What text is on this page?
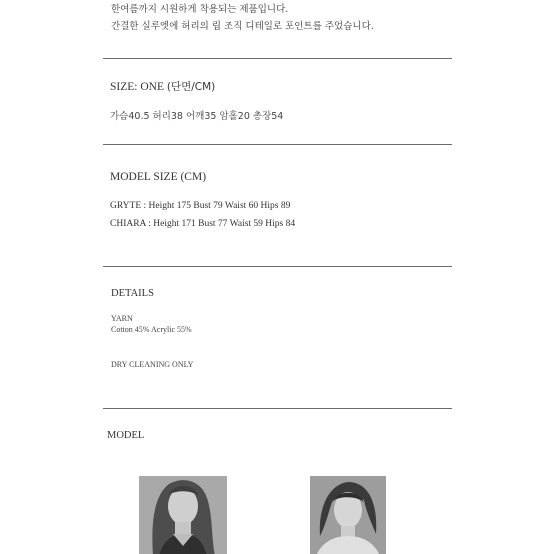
한여름까지 시원하게 착용되는 제품입니다.
간결한 실루엣에 허리의 립 조직 디테일로 포인트를 주었습니다.
SIZE: ONE (단면/CM)
가슴40.5 허리38 어깨35 암홀20 총장54
MODEL SIZE (CM)
GRYTE : Height 175 Bust 79 Waist 60 Hips 89
CHIARA : Height 171 Bust 77 Waist 59 Hips 84
DETAILS
YARN
Cotton 45% Acrylic 55%
DRY CLEANING ONLY
MODEL
